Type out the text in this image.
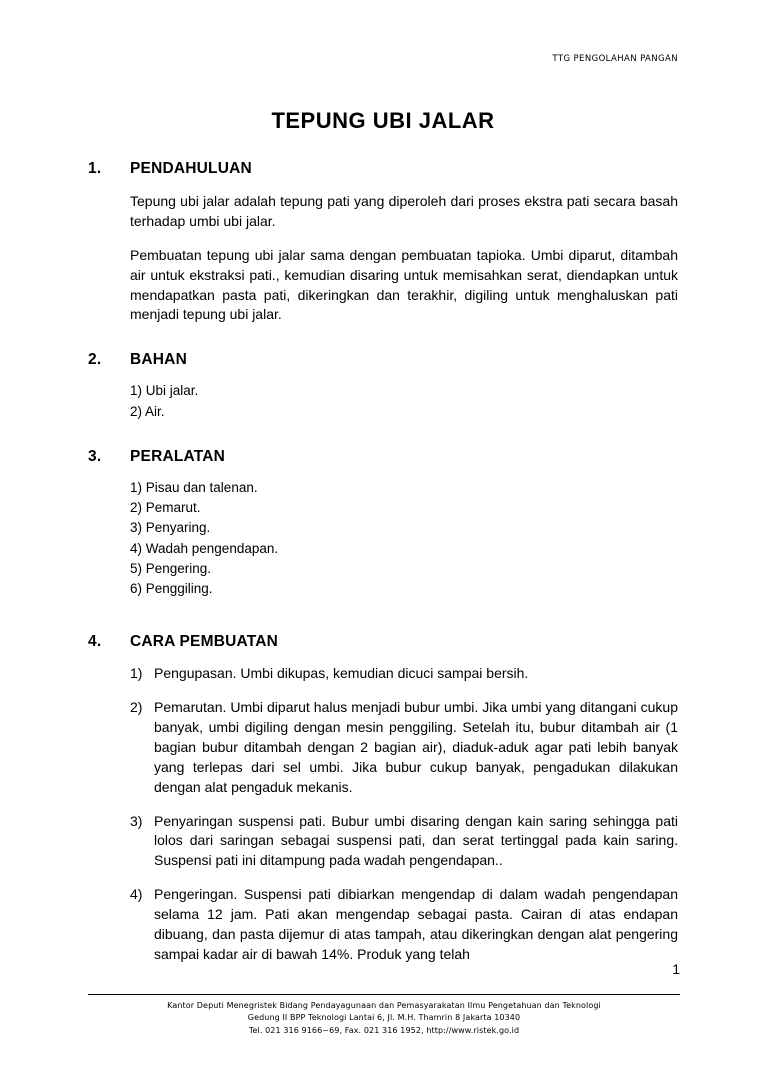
TTG PENGOLAHAN PANGAN
TEPUNG UBI JALAR
1.	PENDAHULUAN

Tepung ubi jalar adalah tepung pati yang diperoleh dari proses ekstra pati secara basah terhadap umbi ubi jalar.

Pembuatan tepung ubi jalar sama dengan pembuatan tapioka. Umbi diparut, ditambah air untuk ekstraksi pati., kemudian disaring untuk memisahkan serat, diendapkan untuk mendapatkan pasta pati, dikeringkan dan terakhir, digiling untuk menghaluskan pati menjadi tepung ubi jalar.

2.	BAHAN
1) Ubi jalar.
2) Air.
3.	PERALATAN
1) Pisau dan talenan.
2) Pemarut.
3) Penyaring.
4) Wadah pengendapan.
5) Pengering.
6) Penggiling.
4.	CARA PEMBUATAN
1) Pengupasan. Umbi dikupas, kemudian dicuci sampai bersih.
2) Pemarutan. Umbi diparut halus menjadi bubur umbi. Jika umbi yang ditangani cukup banyak, umbi digiling dengan mesin penggiling. Setelah itu, bubur ditambah air (1 bagian bubur ditambah dengan 2 bagian air), diaduk-aduk agar pati lebih banyak yang terlepas dari sel umbi. Jika bubur cukup banyak, pengadukan dilakukan dengan alat pengaduk mekanis.
3) Penyaringan suspensi pati. Bubur umbi disaring dengan kain saring sehingga pati lolos dari saringan sebagai suspensi pati, dan serat tertinggal pada kain saring. Suspensi pati ini ditampung pada wadah pengendapan..
4) Pengeringan. Suspensi pati dibiarkan mengendap di dalam wadah pengendapan selama 12 jam. Pati akan mengendap sebagai pasta. Cairan di atas endapan dibuang, dan pasta dijemur di atas tampah, atau dikeringkan dengan alat pengering sampai kadar air di bawah 14%. Produk yang telah
1
Kantor Deputi Menegristek Bidang Pendayagunaan dan Pemasyarakatan Ilmu Pengetahuan dan Teknologi
Gedung II BPP Teknologi Lantai 6, Jl. M.H. Thamrin 8 Jakarta 10340
Tel. 021 316 9166~69, Fax. 021 316 1952, http://www.ristek.go.id
